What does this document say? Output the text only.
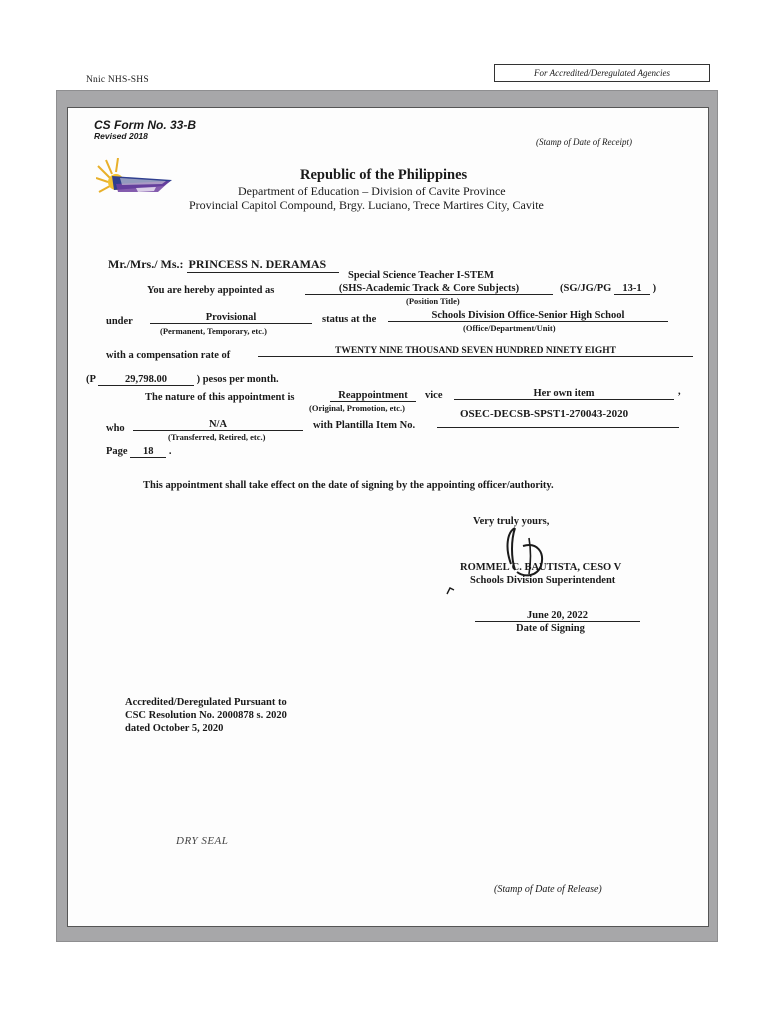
Nnic NHS-SHS
For Accredited/Deregulated Agencies
CS Form No. 33-B
Revised 2018
(Stamp of Date of Receipt)
Republic of the Philippines
Department of Education – Division of Cavite Province
Provincial Capitol Compound, Brgy. Luciano, Trece Martires City, Cavite
Mr./Mrs./ Ms.: PRINCESS N. DERAMAS
Special Science Teacher I-STEM
You are hereby appointed as	(SHS-Academic Track & Core Subjects)	(SG/JG/PG 13-1 )
(Position Title)
under	Provisional	status at the	Schools Division Office-Senior High School
(Permanent, Temporary, etc.)	(Office/Department/Unit)
with a compensation rate of	TWENTY NINE THOUSAND SEVEN HUNDRED NINETY EIGHT
(P	29,798.00	) pesos per month.
The nature of this appointment is	Reappointment	vice	Her own item	,
(Original, Promotion, etc.)	OSEC-DECSB-SPST1-270043-2020
who	N/A	with Plantilla Item No.
(Transferred, Retired, etc.)
Page 18 .
This appointment shall take effect on the date of signing by the appointing officer/authority.
Very truly yours,
ROMMEL C. BAUTISTA, CESO V
Schools Division Superintendent
June 20, 2022
Date of Signing
Accredited/Deregulated Pursuant to
CSC Resolution No. 2000878 s. 2020
dated October 5, 2020
DRY SEAL
(Stamp of Date of Release)
